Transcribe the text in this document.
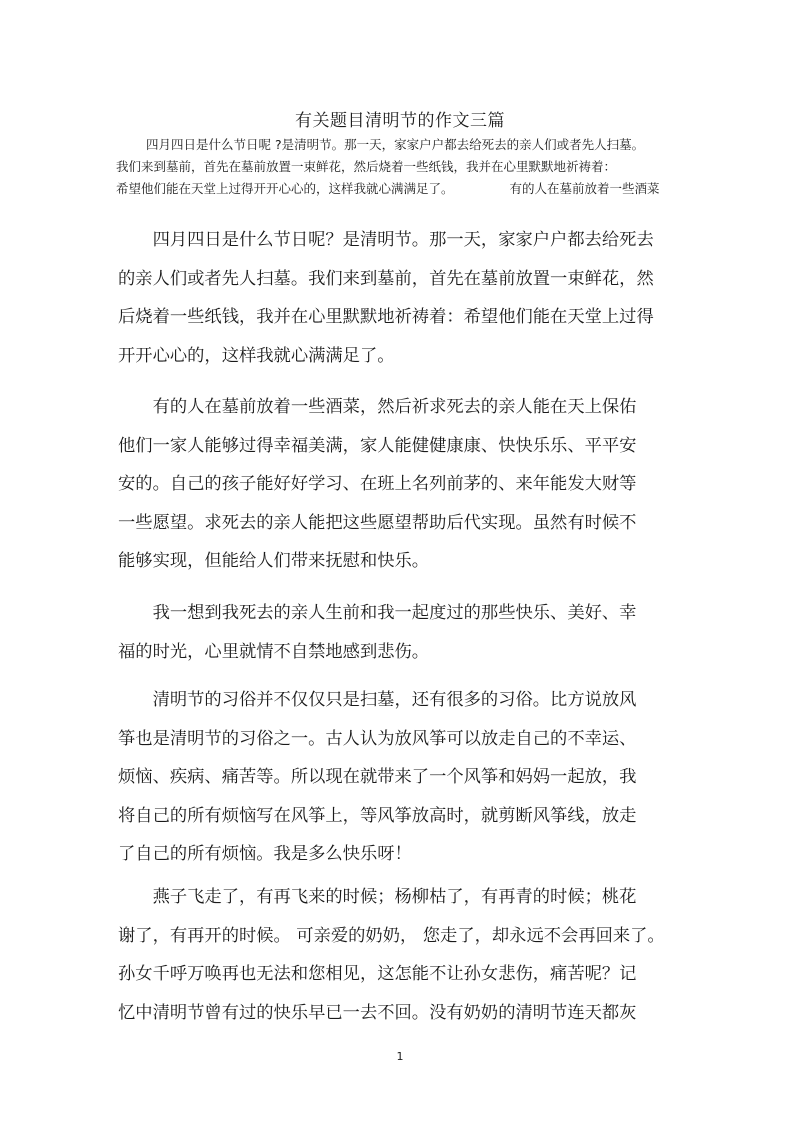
有关题目清明节的作文三篇
四月四日是什么节日呢 ?是清明节。那一天，家家户户都去给死去的亲人们或者先人扫墓。
我们来到墓前，首先在墓前放置一束鲜花，然后烧着一些纸钱，我并在心里默默地祈祷着：
希望他们能在天堂上过得开开心心的，这样我就心满满足了。	有的人在墓前放着一些酒菜
　　四月四日是什么节日呢？是清明节。那一天，家家户户都去给死去
的亲人们或者先人扫墓。我们来到墓前，首先在墓前放置一束鲜花，然
后烧着一些纸钱，我并在心里默默地祈祷着：希望他们能在天堂上过得
开开心心的，这样我就心满满足了。
　　有的人在墓前放着一些酒菜，然后祈求死去的亲人能在天上保佑
他们一家人能够过得幸福美满，家人能健健康康、快快乐乐、平平安
安的。自己的孩子能好好学习、在班上名列前茅的、来年能发大财等
一些愿望。求死去的亲人能把这些愿望帮助后代实现。虽然有时候不
能够实现，但能给人们带来抚慰和快乐。
　　我一想到我死去的亲人生前和我一起度过的那些快乐、美好、幸
福的时光，心里就情不自禁地感到悲伤。
　　清明节的习俗并不仅仅只是扫墓，还有很多的习俗。比方说放风
筝也是清明节的习俗之一。古人认为放风筝可以放走自己的不幸运、
烦恼、疾病、痛苦等。所以现在就带来了一个风筝和妈妈一起放，我
将自己的所有烦恼写在风筝上，等风筝放高时，就剪断风筝线，放走
了自己的所有烦恼。我是多么快乐呀！
　　燕子飞走了，有再飞来的时候；杨柳枯了，有再青的时候；桃花
谢了，有再开的时候。 可亲爱的奶奶， 您走了，却永远不会再回来了。
孙女千呼万唤再也无法和您相见，这怎能不让孙女悲伤，痛苦呢？记
忆中清明节曾有过的快乐早已一去不回。没有奶奶的清明节连天都灰
1
